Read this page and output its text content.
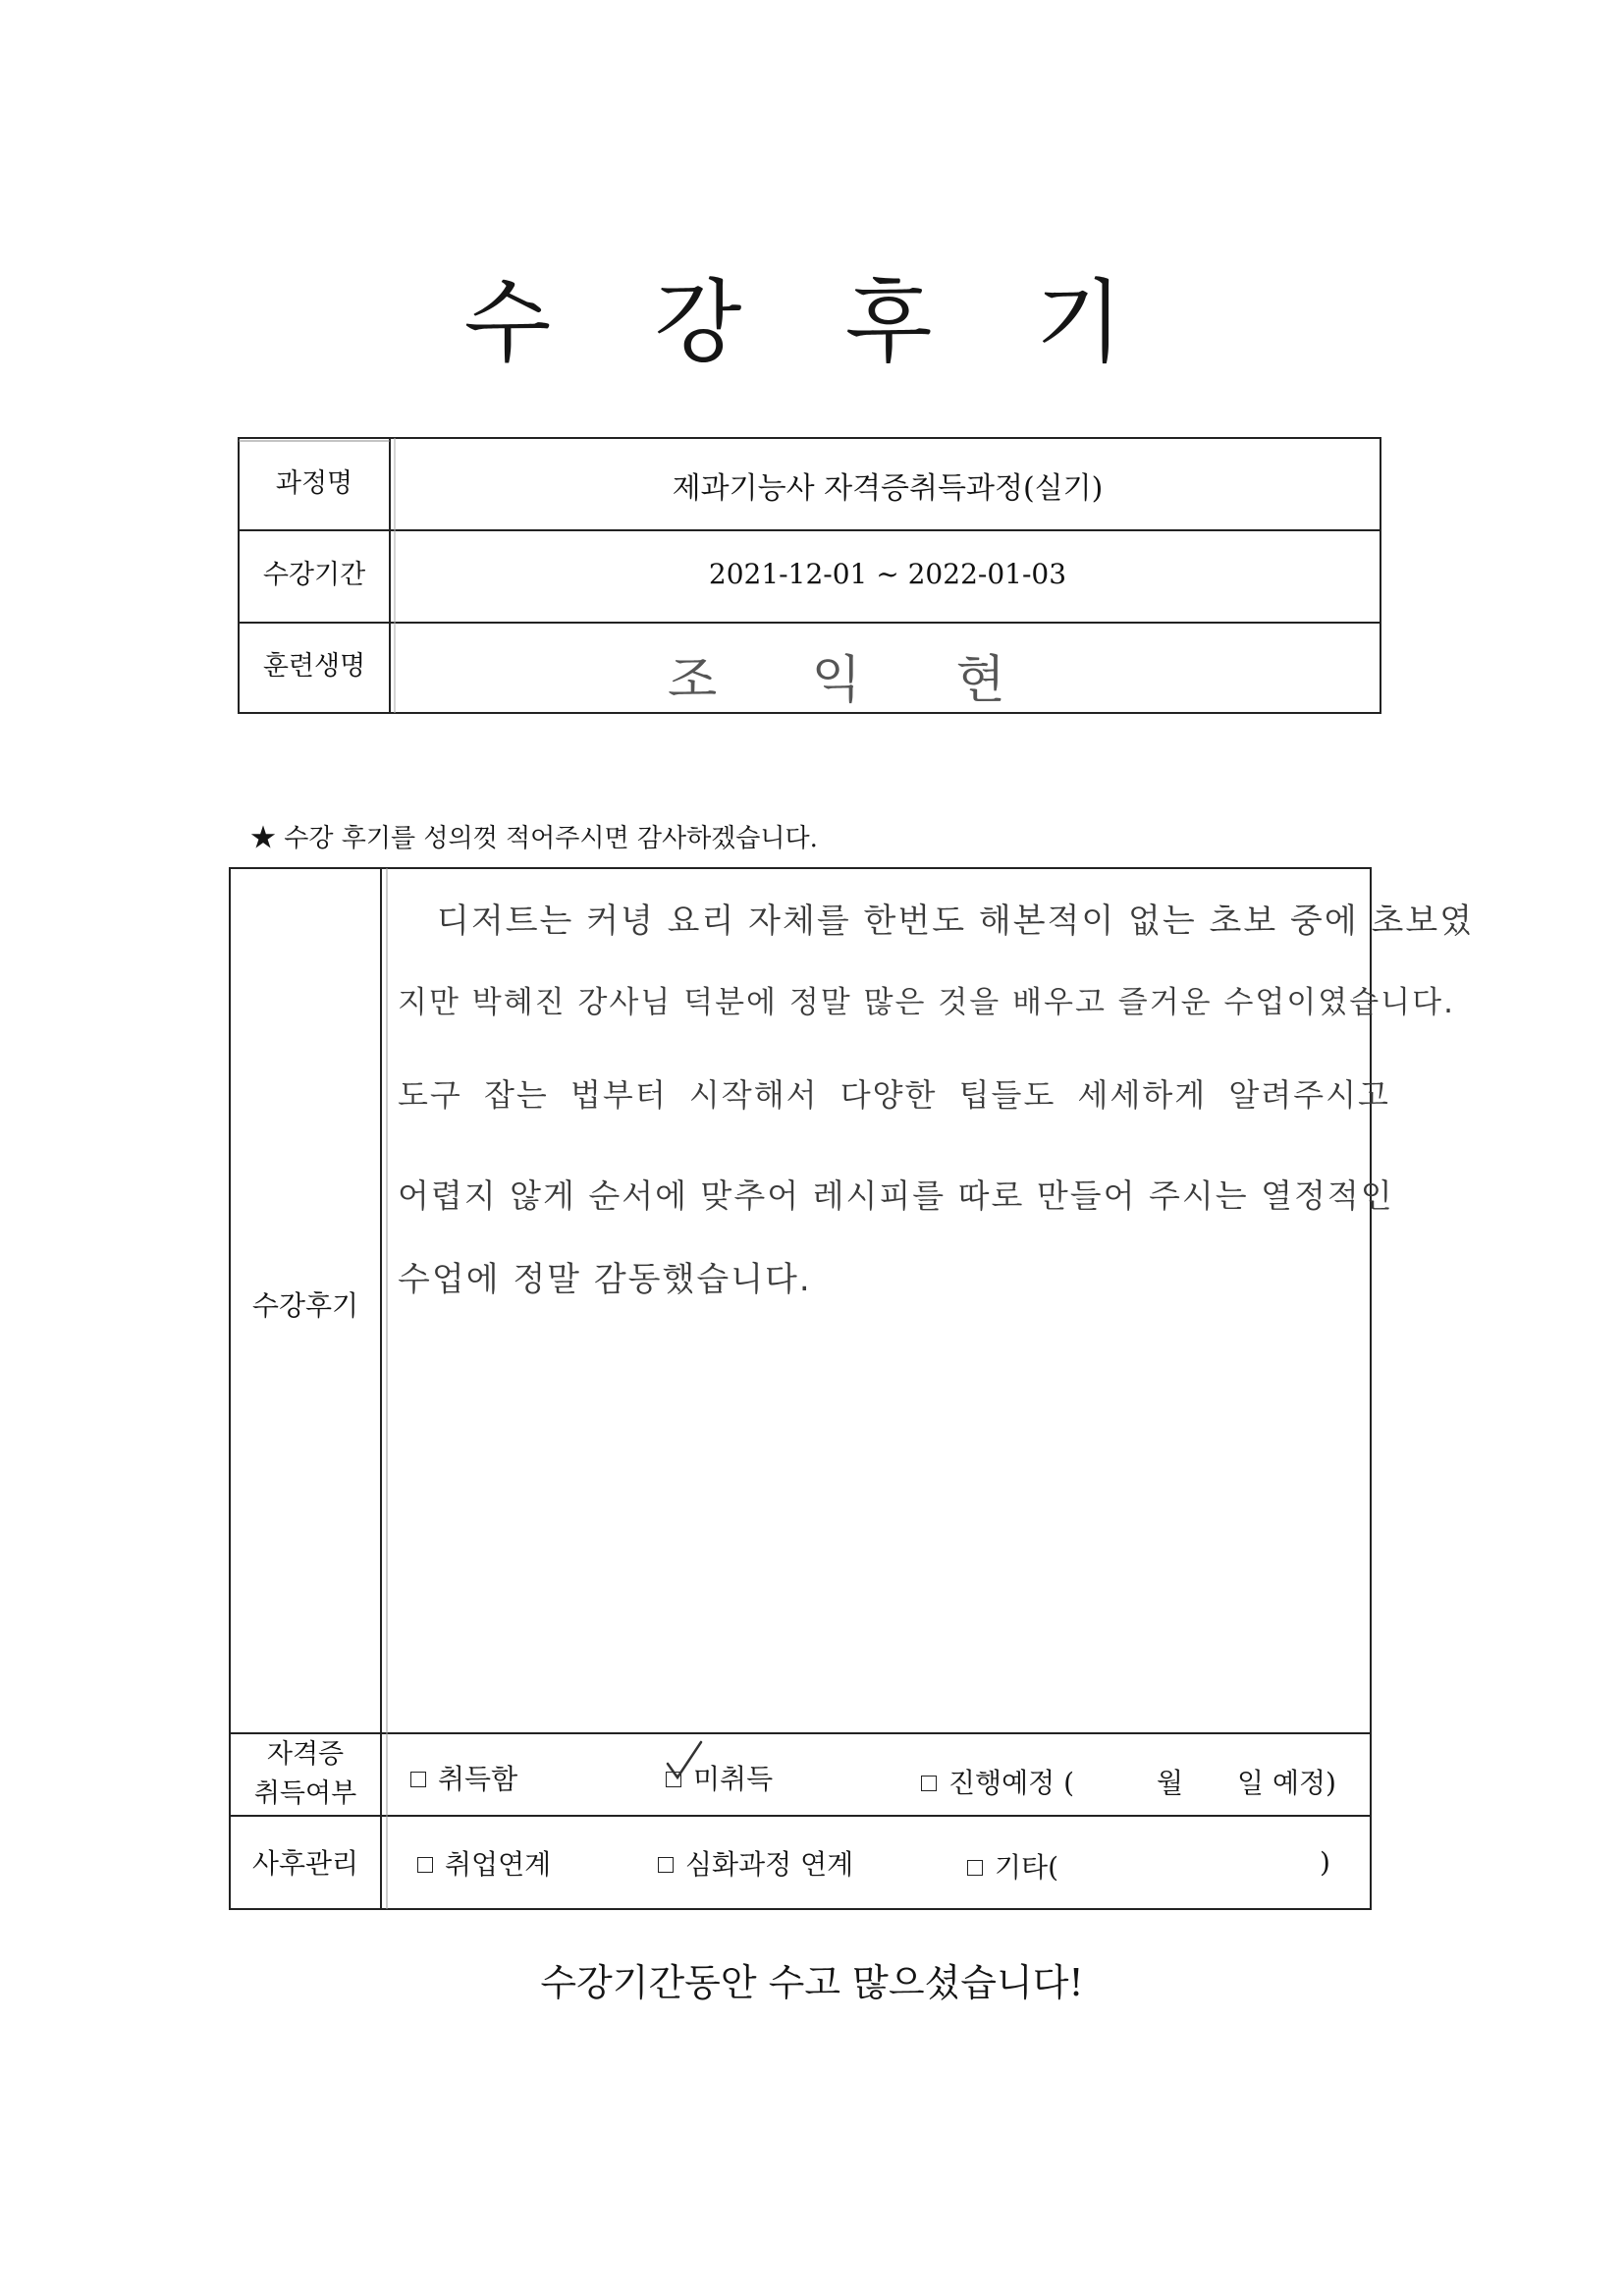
수 강 후 기
과정명	제과기능사 자격증취득과정(실기)
수강기간	2021-12-01 ~ 2022-01-03
훈련생명	조 익 현
★ 수강 후기를 성의껏 적어주시면 감사하겠습니다.
수강후기
디저트는 커녕 요리 자체를 한번도 해본적이 없는 초보 중에 초보였
지만 박혜진 강사님 덕분에 정말 많은 것을 배우고 즐거운 수업이였습니다.
도구 잡는 법부터 시작해서 다양한 팁들도 세세하게 알려주시고
어렵지 않게 순서에 맞추어 레시피를 따로 만들어 주시는 열정적인
수업에 정말 감동했습니다.
자격증
취득여부	취득함	미취득	진행예정 (	월 일 예정)
사후관리	취업연계	심화과정 연계	기타(	)
수강기간동안 수고 많으셨습니다!
